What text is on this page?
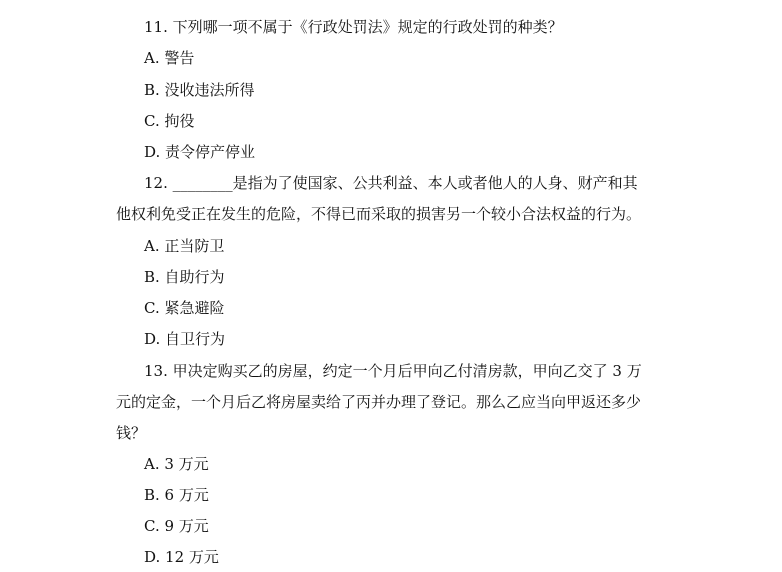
11. 下列哪一项不属于《行政处罚法》规定的行政处罚的种类？
A. 警告
B. 没收违法所得
C. 拘役
D. 责令停产停业
12. ________是指为了使国家、公共利益、本人或者他人的人身、财产和其
他权利免受正在发生的危险，不得已而采取的损害另一个较小合法权益的行为。
A. 正当防卫
B. 自助行为
C. 紧急避险
D. 自卫行为
13. 甲决定购买乙的房屋，约定一个月后甲向乙付清房款，甲向乙交了 3 万
元的定金，一个月后乙将房屋卖给了丙并办理了登记。那么乙应当向甲返还多少
钱？
A. 3 万元
B. 6 万元
C. 9 万元
D. 12 万元
